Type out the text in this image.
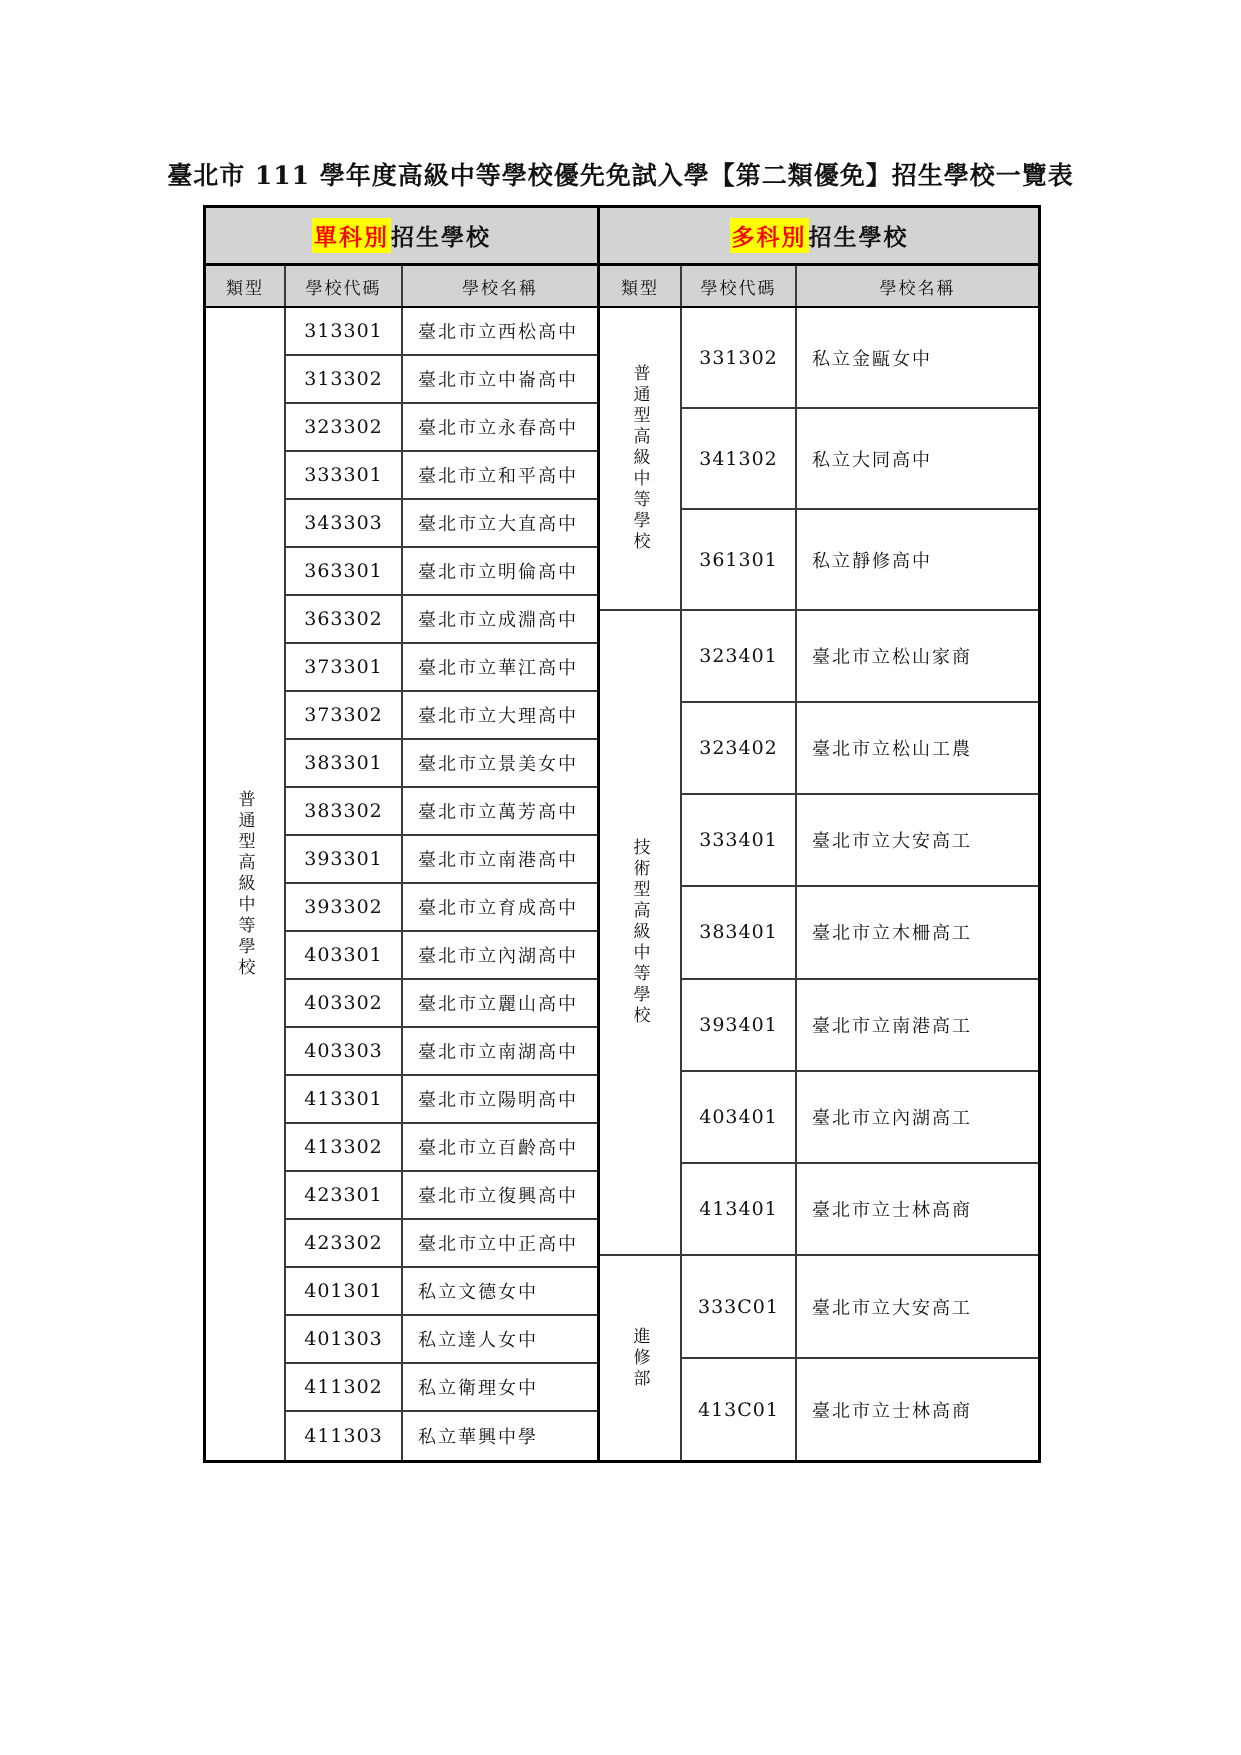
臺北市 111 學年度高級中等學校優先免試入學【第二類優免】招生學校一覽表
單科別 招生學校
類型	學校代碼	學校名稱
普通型高級中等學校
313301	臺北市立西松高中
313302	臺北市立中崙高中
323302	臺北市立永春高中
333301	臺北市立和平高中
343303	臺北市立大直高中
363301	臺北市立明倫高中
363302	臺北市立成淵高中
373301	臺北市立華江高中
373302	臺北市立大理高中
383301	臺北市立景美女中
383302	臺北市立萬芳高中
393301	臺北市立南港高中
393302	臺北市立育成高中
403301	臺北市立內湖高中
403302	臺北市立麗山高中
403303	臺北市立南湖高中
413301	臺北市立陽明高中
413302	臺北市立百齡高中
423301	臺北市立復興高中
423302	臺北市立中正高中
401301	私立文德女中
401303	私立達人女中
411302	私立衛理女中
411303	私立華興中學
多科別 招生學校
類型	學校代碼	學校名稱
普通型高級中等學校
331302	私立金甌女中
341302	私立大同高中
361301	私立靜修高中
技術型高級中等學校
323401	臺北市立松山家商
323402	臺北市立松山工農
333401	臺北市立大安高工
383401	臺北市立木柵高工
393401	臺北市立南港高工
403401	臺北市立內湖高工
413401	臺北市立士林高商
進修部
333C01	臺北市立大安高工
413C01	臺北市立士林高商
